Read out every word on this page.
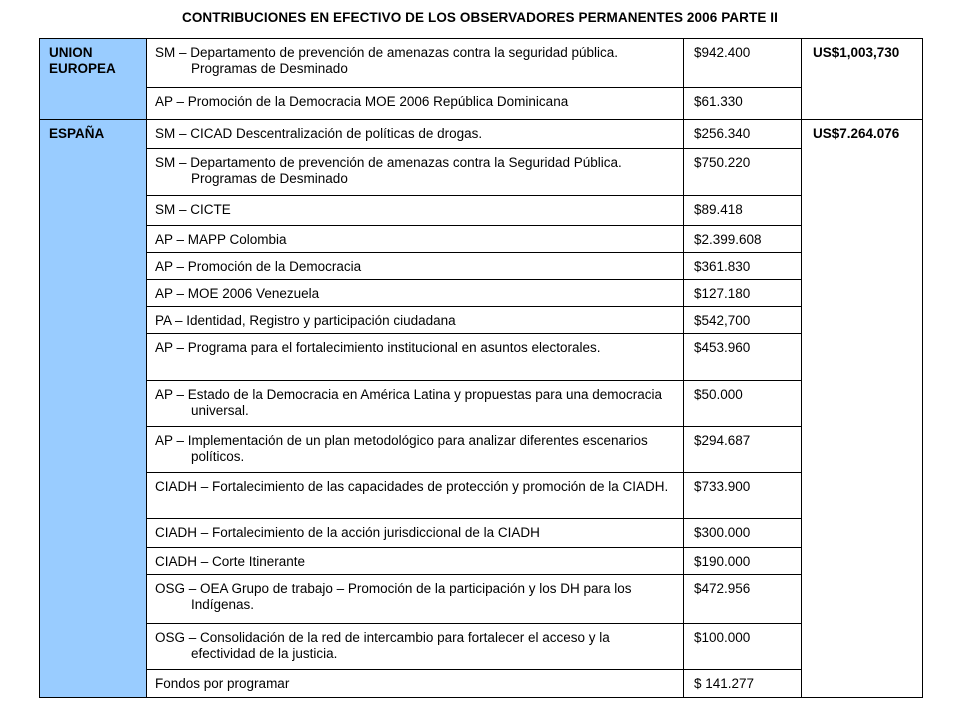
CONTRIBUCIONES EN EFECTIVO DE LOS OBSERVADORES PERMANENTES 2006 PARTE II
UNION EUROPEA	SM – Departamento de prevención de amenazas contra la seguridad pública. Programas de Desminado	$942.400	US$1,003,730

	AP – Promoción de la Democracia MOE 2006 República Dominicana	$61.330	
ESPAÑA	SM – CICAD Descentralización de políticas de drogas.	$256.340	US$7.264.076

	SM – Departamento de prevención de amenazas contra la Seguridad Pública. Programas de Desminado	$750.220	

	SM – CICTE	$89.418	

	AP – MAPP Colombia	$2.399.608	

	AP – Promoción de la Democracia	$361.830	

	AP – MOE 2006 Venezuela	$127.180	

	PA – Identidad, Registro y participación ciudadana	$542,700	

	AP – Programa para el fortalecimiento institucional en asuntos electorales.	$453.960	

	AP – Estado de la Democracia en América Latina y propuestas para una democracia universal.	$50.000	

	AP – Implementación de un plan metodológico para analizar diferentes escenarios políticos.	$294.687	

	CIADH – Fortalecimiento de las capacidades de protección y promoción de la CIADH.	$733.900	

	CIADH – Fortalecimiento de la acción jurisdiccional de la CIADH	$300.000	

	CIADH – Corte Itinerante	$190.000	

	OSG – OEA Grupo de trabajo – Promoción de la participación y los DH para los Indígenas.	$472.956	

	OSG – Consolidación de la red de intercambio para fortalecer el acceso y la efectividad de la justicia.	$100.000	

	Fondos por programar	$ 141.277	
